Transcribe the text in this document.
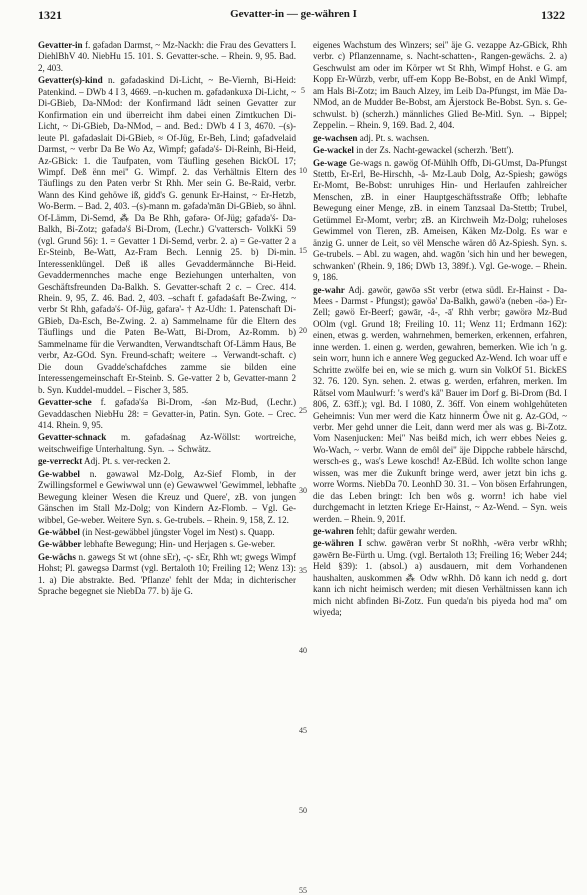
1321	Gevatter-in — ge-währen I	1322

Gevatter-in f. gəfadən Darmst, ~ Mz-Nackh: die Frau des Gevatters I. DiehlBhV 40. NiebHu 15. 101. S. Gevatter-sche. – Rhein. 9, 95. Bad. 2, 403.

Gevatter(s)-kind n. gəfadəskind Di-Licht, ~ Be-Viernh, Bi-Heid: Patenkind. – DWb 4 I 3, 4669. –n-kuchen m. gəfadənkuxə Di-Licht, ~ Di-GBieb, Da-NMod: der Konfirmand lädt seinen Gevatter zur Konfirmation ein und überreicht ihm dabei einen Zimtkuchen Di-Licht, ~ Di-GBieb, Da-NMod, – and. Bed.: DWb 4 I 3, 4670. –(s)-leute Pl. gəfadəslait Di-GBieb, ≈ Of-Jüg, Er-Beh, Lind; gəfadvelaid Darmst, ~ verbr Da Be Wo Az, Wimpf; gəfadə'ś- Di-Reinh, Bi-Heid, Az-GBick: 1. die Taufpaten, vom Täufling gesehen BickOL 17; Wimpf. Deß ënn mei'' G. Wimpf. 2. das Verhältnis Eltern des Täuflings zu den Paten verbr St Rhh. Mer sein G. Be-Raid, verbr. Wann des Kind gehöwe iß, gidd's G. genunk Er-Hainst, ~ Er-Hetzb, Wo-Berm. – Bad. 2, 403. –(s)-mann m. gəfadə'mān Di-GBieb, so ähnl. Of-Lämm, Di-Semd, ⁂ Da Be Rhh, gəfərə- Of-Jüg; gəfadə'ś- Da-Balkh, Bi-Zotz; gəfadə'ś Bi-Drom, (Lechr.) G'vattersch- VolkKi 59 (vgl. Grund 56): 1. = Gevatter 1 Di-Semd, verbr. 2. a) = Ge-vatter 2 a Er-Steinb, Be-Watt, Az-Fram Bech. Lennig 25. b) Di-min. Interessenklüngel. Deß iß alles Gevaddermännche Bi-Heid. Gevaddermennches mache enge Beziehungen unterhalten, von Geschäftsfreunden Da-Balkh. S. Gevatter-schaft 2 c. – Crec. 414. Rhein. 9, 95, Z. 46. Bad. 2, 403. –schaft f. gəfadəśaft Be-Zwing, ~ verbr St Rhh, gəfadə'ś- Of-Jüg, gəfarə'- † Az-Udh: 1. Patenschaft Di-GBieb, Da-Esch, Be-Zwing. 2. a) Sammelname für die Eltern des Täuflings und die Paten Be-Watt, Bi-Drom, Az-Romm. b) Sammelname für die Verwandten, Verwandtschaft Of-Lämm Haus, Be verbr, Az-GOd. Syn. Freund-schaft; weitere → Verwandt-schaft. c) Die doun Gvadde'schafdches zamme sie bilden eine Interessengemeinschaft Er-Steinb. S. Ge-vatter 2 b, Gevatter-mann 2 b. Syn. Kuddel-muddel. – Fischer 3, 585.

Gevatter-sche f. gəfadə'śə Bi-Drom, -śən Mz-Bud, (Lechr.) Gevaddaschen NiebHu 28: = Gevatter-in, Patin. Syn. Gote. – Crec. 414. Rhein. 9, 95.

Gevatter-schnack m. gəfadəśnag Az-Wöllst: wortreiche, weitschweifige Unterhaltung. Syn. → Schwätz.

ge-verreckt Adj. Pt. s. ver-recken 2.

Ge-wabbel n. gəwawəl Mz-Dolg, Az-Sief Flomb, in der Zwillingsformel e Gewiwwəl unn (e) Gewawwel 'Gewimmel, lebhafte Bewegung kleiner Wesen die Kreuz und Quere', zB. von jungen Gänschen im Stall Mz-Dolg; von Kindern Az-Flomb. – Vgl. Ge-wibbel, Ge-weber. Weitere Syn. s. Ge-trubels. – Rhein. 9, 158, Z. 12.

Ge-wäbbel (in Nest-gewäbbel jüngster Vogel im Nest) s. Quapp.

Ge-wäbber lebhafte Bewegung; Hin- und Herjagen s. Ge-weber.

Ge-wächs n. gəwegs St wt (ohne sEr), -ç- sEr, Rhh wt; gwegs Wimpf Hohst; Pl. gəwegsə Darmst (vgl. Bertaloth 10; Freiling 12; Wenz 13): 1. a) Die abstrakte. Bed. 'Pflanze' fehlt der Mda; in dichterischer Sprache begegnet sie NiebDa 77. b) äje G.

5
10
15
20
25
30
35
40
45
50
55

eigenes Wachstum des Winzers; sei'' äje G. vezappe Az-GBick, Rhh verbr. c) Pflanzenname, s. Nacht-schatten-, Rangen-gewächs. 2. a) Geschwulst am oder im Körper wt St Rhh, Wimpf Hohst. e G. am Kopp Er-Würzb, verbr, uff-em Kopp Be-Bobst, en de Ankl Wimpf, am Hals Bi-Zotz; im Bauch Alzey, im Leib Da-Pfungst, im Mäe Da-NMod, an de Mudder Be-Bobst, am Äjerstock Be-Bobst. Syn. s. Ge-schwulst. b) (scherzh.) männliches Glied Be-Mitl. Syn. → Bippel; Zeppelin. – Rhein. 9, 169. Bad. 2, 404.

ge-wachsen adj. Pt. s. wachsen.

Ge-wackel in der Zs. Nacht-gewackel (scherzh. 'Bett').

Ge-wage Ge-wags n. gəwög Of-Mühlh Offb, Di-GUmst, Da-Pfungst Stettb, Er-Erl, Be-Hirschh, -å- Mz-Laub Dolg, Az-Spiesh; gəwögs Er-Momt, Be-Bobst: unruhiges Hin- und Herlaufen zahlreicher Menschen, zB. in einer Hauptgeschäftsstraße Offb; lebhafte Bewegung einer Menge, zB. in einem Tanzsaal Da-Stettb; Trubel, Getümmel Er-Momt, verbr; zB. an Kirchweih Mz-Dolg; ruheloses Gewimmel von Tieren, zB. Ameisen, Käken Mz-Dolg. Es war e änzig G. unner de Leit, so vël Mensche wären dô Az-Spiesh. Syn. s. Ge-trubels. – Abl. zu wagen, ahd. wagōn 'sich hin und her bewegen, schwanken' (Rhein. 9, 186; DWb 13, 389f.). Vgl. Ge-woge. – Rhein. 9, 186.

ge-wahr Adj. gəwör, gəwōə sSt verbr (etwa südl. Er-Hainst - Da-Mees - Darmst - Pfungst); gəwöə' Da-Balkh, gəwö'ə (neben -öə-) Er-Zell; gəwö Er-Beerf; gəwār, -å-, -ā' Rhh verbr; gəwörə Mz-Bud OOlm (vgl. Grund 18; Freiling 10. 11; Wenz 11; Erdmann 162): einen, etwas g. werden, wahrnehmen, bemerken, erkennen, erfahren, inne werden. 1. einen g. werden, gewahren, bemerken. Wie ich 'n g. sein worr, hunn ich e annere Weg gegucked Az-Wend. Ich woar uff e Schritte zwölfe bei en, wie se mich g. wurn sin VolkOf 51. BickES 32. 76. 120. Syn. sehen. 2. etwas g. werden, erfahren, merken. Im Rätsel vom Maulwurf: 's werd's kä'' Bauer im Dorf g. Bi-Drom (Bd. I 806, Z. 63ff.); vgl. Bd. I 1080, Z. 36ff. Von einem wohlgehüteten Geheimnis: Vun mer werd die Katz hinnerm Ôwe nit g. Az-GOd, ~ verbr. Mer gehd unner die Leit, dann werd mer als was g. Bi-Zotz. Vom Nasenjucken: Mei'' Nas beißd mich, ich werr ebbes Neies g. Wo-Wach, ~ verbr. Wann de emôl dei'' äje Dippche rabbele härschd, wersch-es g., was's Lewe koschd! Az-EBüd. Ich wollte schon lange wissen, was mer die Zukunft bringe werd, awer jetzt bin ichs g. worre Worms. NiebDa 70. LeonhD 30. 31. – Von bösen Erfahrungen, die das Leben bringt: Ich ben wôs g. worrn! ich habe viel durchgemacht in letzten Kriege Er-Hainst, ~ Az-Wend. – Syn. weis werden. – Rhein. 9, 201f.

ge-wahren fehlt; dafür gewahr werden.

ge-währen I schw. gəwērən verbr St noRhh, -wērə verbr wRhh; gəwērn Be-Fürth u. Umg. (vgl. Bertaloth 13; Freiling 16; Weber 244; Held §39): 1. (absol.) a) ausdauern, mit dem Vorhandenen haushalten, auskommen ⁂ Odw wRhh. Dô kann ich nedd g. dort kann ich nicht heimisch werden; mit diesen Verhältnissen kann ich mich nicht abfinden Bi-Zotz. Fun queda'n bis piyeda hod ma'' om wiyeda;
